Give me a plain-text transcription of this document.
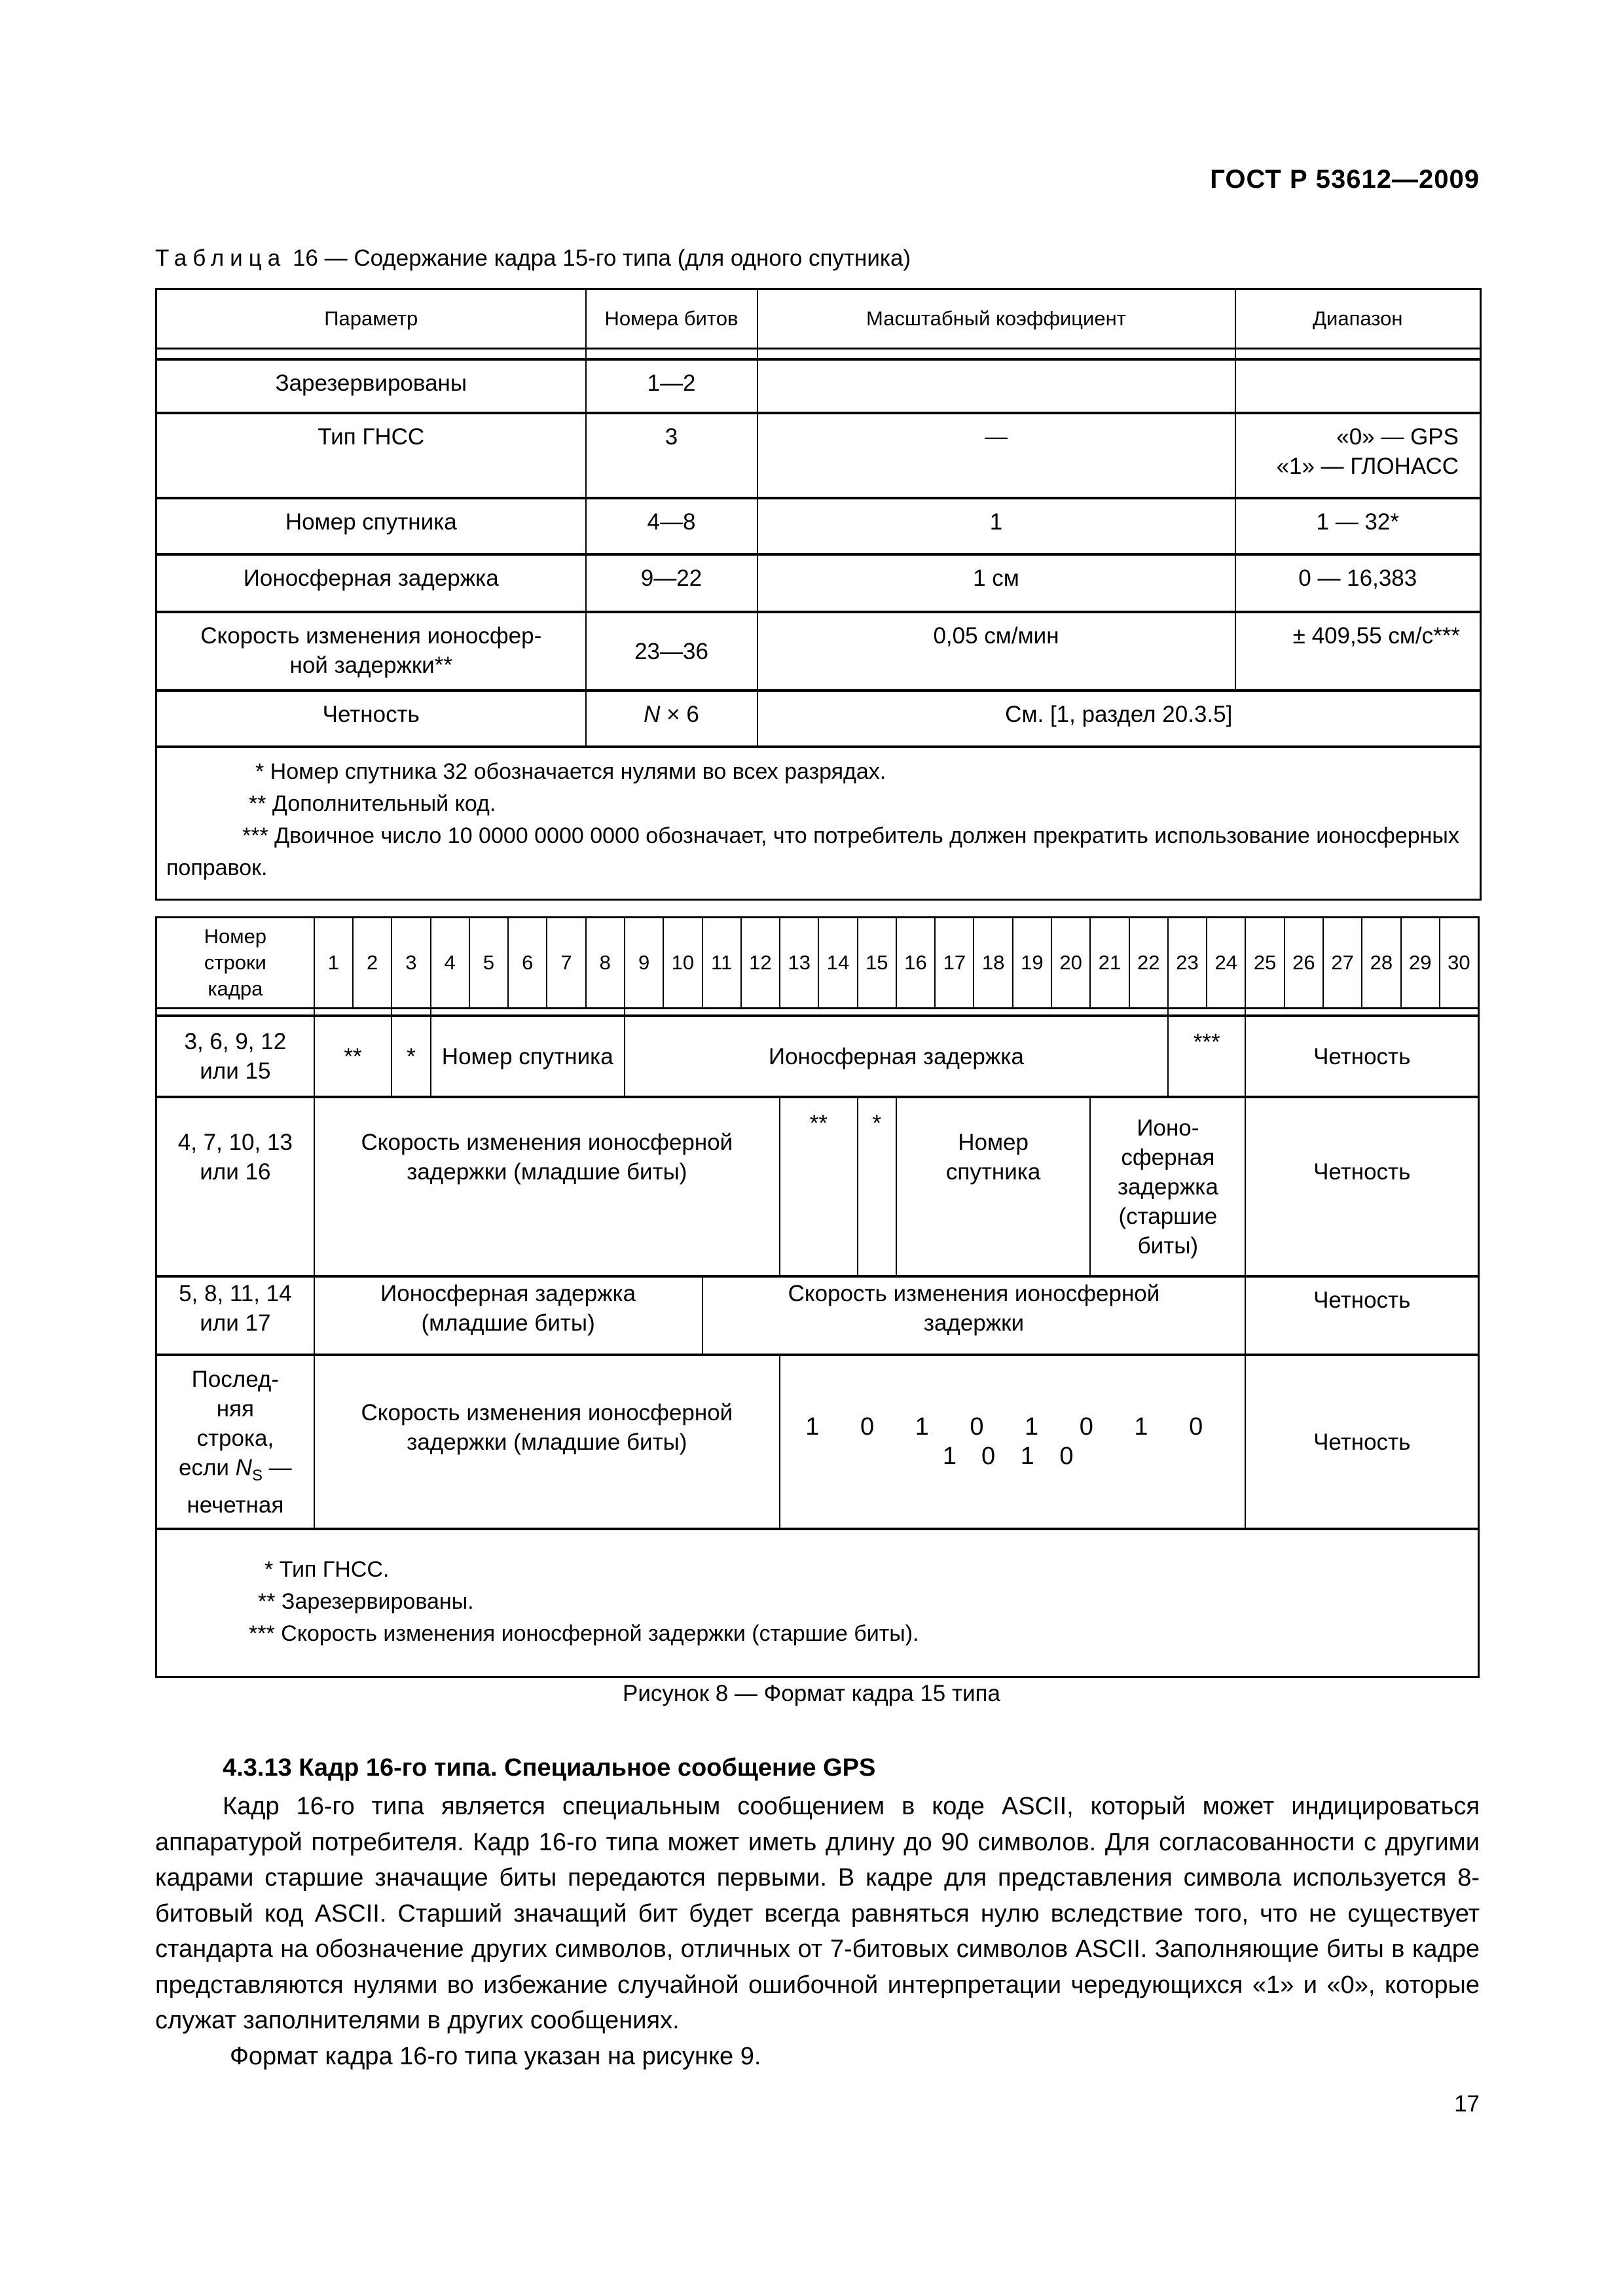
ГОСТ Р 53612—2009
Таблица 16 — Содержание кадра 15-го типа (для одного спутника)
Параметр	Номера битов	Масштабный коэффициент	Диапазон

Зарезервированы	1—2		
Тип ГНСС	3	—	«0» — GPS
«1» — ГЛОНАСС

Номер спутника	4—8	1	1 — 32*
Ионосферная задержка	9—22	1 см	0 — 16,383

Скорость изменения ионосфер-
ной задержки**	23—36	0,05 см/мин	± 409,55 см/с***
Четность	N × 6	См. [1, раздел 20.3.5]	

* Номер спутника 32 обозначается нулями во всех разрядах.
** Дополнительный код.
*** Двоичное число 10 0000 0000 0000 обозначает, что потребитель должен прекратить использование ионосферных поправок.			
Номер
строки
кадра	1	2	3	4	5	6	7	8	9	10	11	12	13	14	15	16	17	18	19	20	21	22	23	24	25	26	27	28	29	30

3, 6, 9, 12
или 15	**		*	Номер спутника					Ионосферная задержка														***		Четность					

4, 7, 10, 13
или 16	Скорость изменения ионосферной задержки (младшие биты)												**		*	Номер спутника					Ионо-сферная задержка (старшие биты)				Четность					

5, 8, 11, 14
или 17	Ионосферная задержка (младшие биты)										Скорость изменения ионосферной задержки														Четность					

Послед-
няя
строка,
если $N_S$ —
нечетная	Скорость изменения ионосферной задержки (младшие биты)												1 0 1 0 1 0 1 0 1 0 1 0												Четность					

* Тип ГНСС.
** Зарезервированы.
*** Скорость изменения ионосферной задержки (старшие биты).																														
Рисунок 8 — Формат кадра 15 типа
4.3.13 Кадр 16-го типа. Специальное сообщение GPS

Кадр 16-го типа является специальным сообщением в коде ASCII, который может индицироваться аппаратурой потребителя. Кадр 16-го типа может иметь длину до 90 символов. Для согласованности с другими кадрами старшие значащие биты передаются первыми. В кадре для представления символа используется 8-битовый код ASCII. Старший значащий бит будет всегда равняться нулю вследствие того, что не существует стандарта на обозначение других символов, отличных от 7-битовых символов ASCII. Заполняющие биты в кадре представляются нулями во избежание случайной ошибочной интерпретации чередующихся «1» и «0», которые служат заполнителями в других сообщениях.

Формат кадра 16-го типа указан на рисунке 9.

17
